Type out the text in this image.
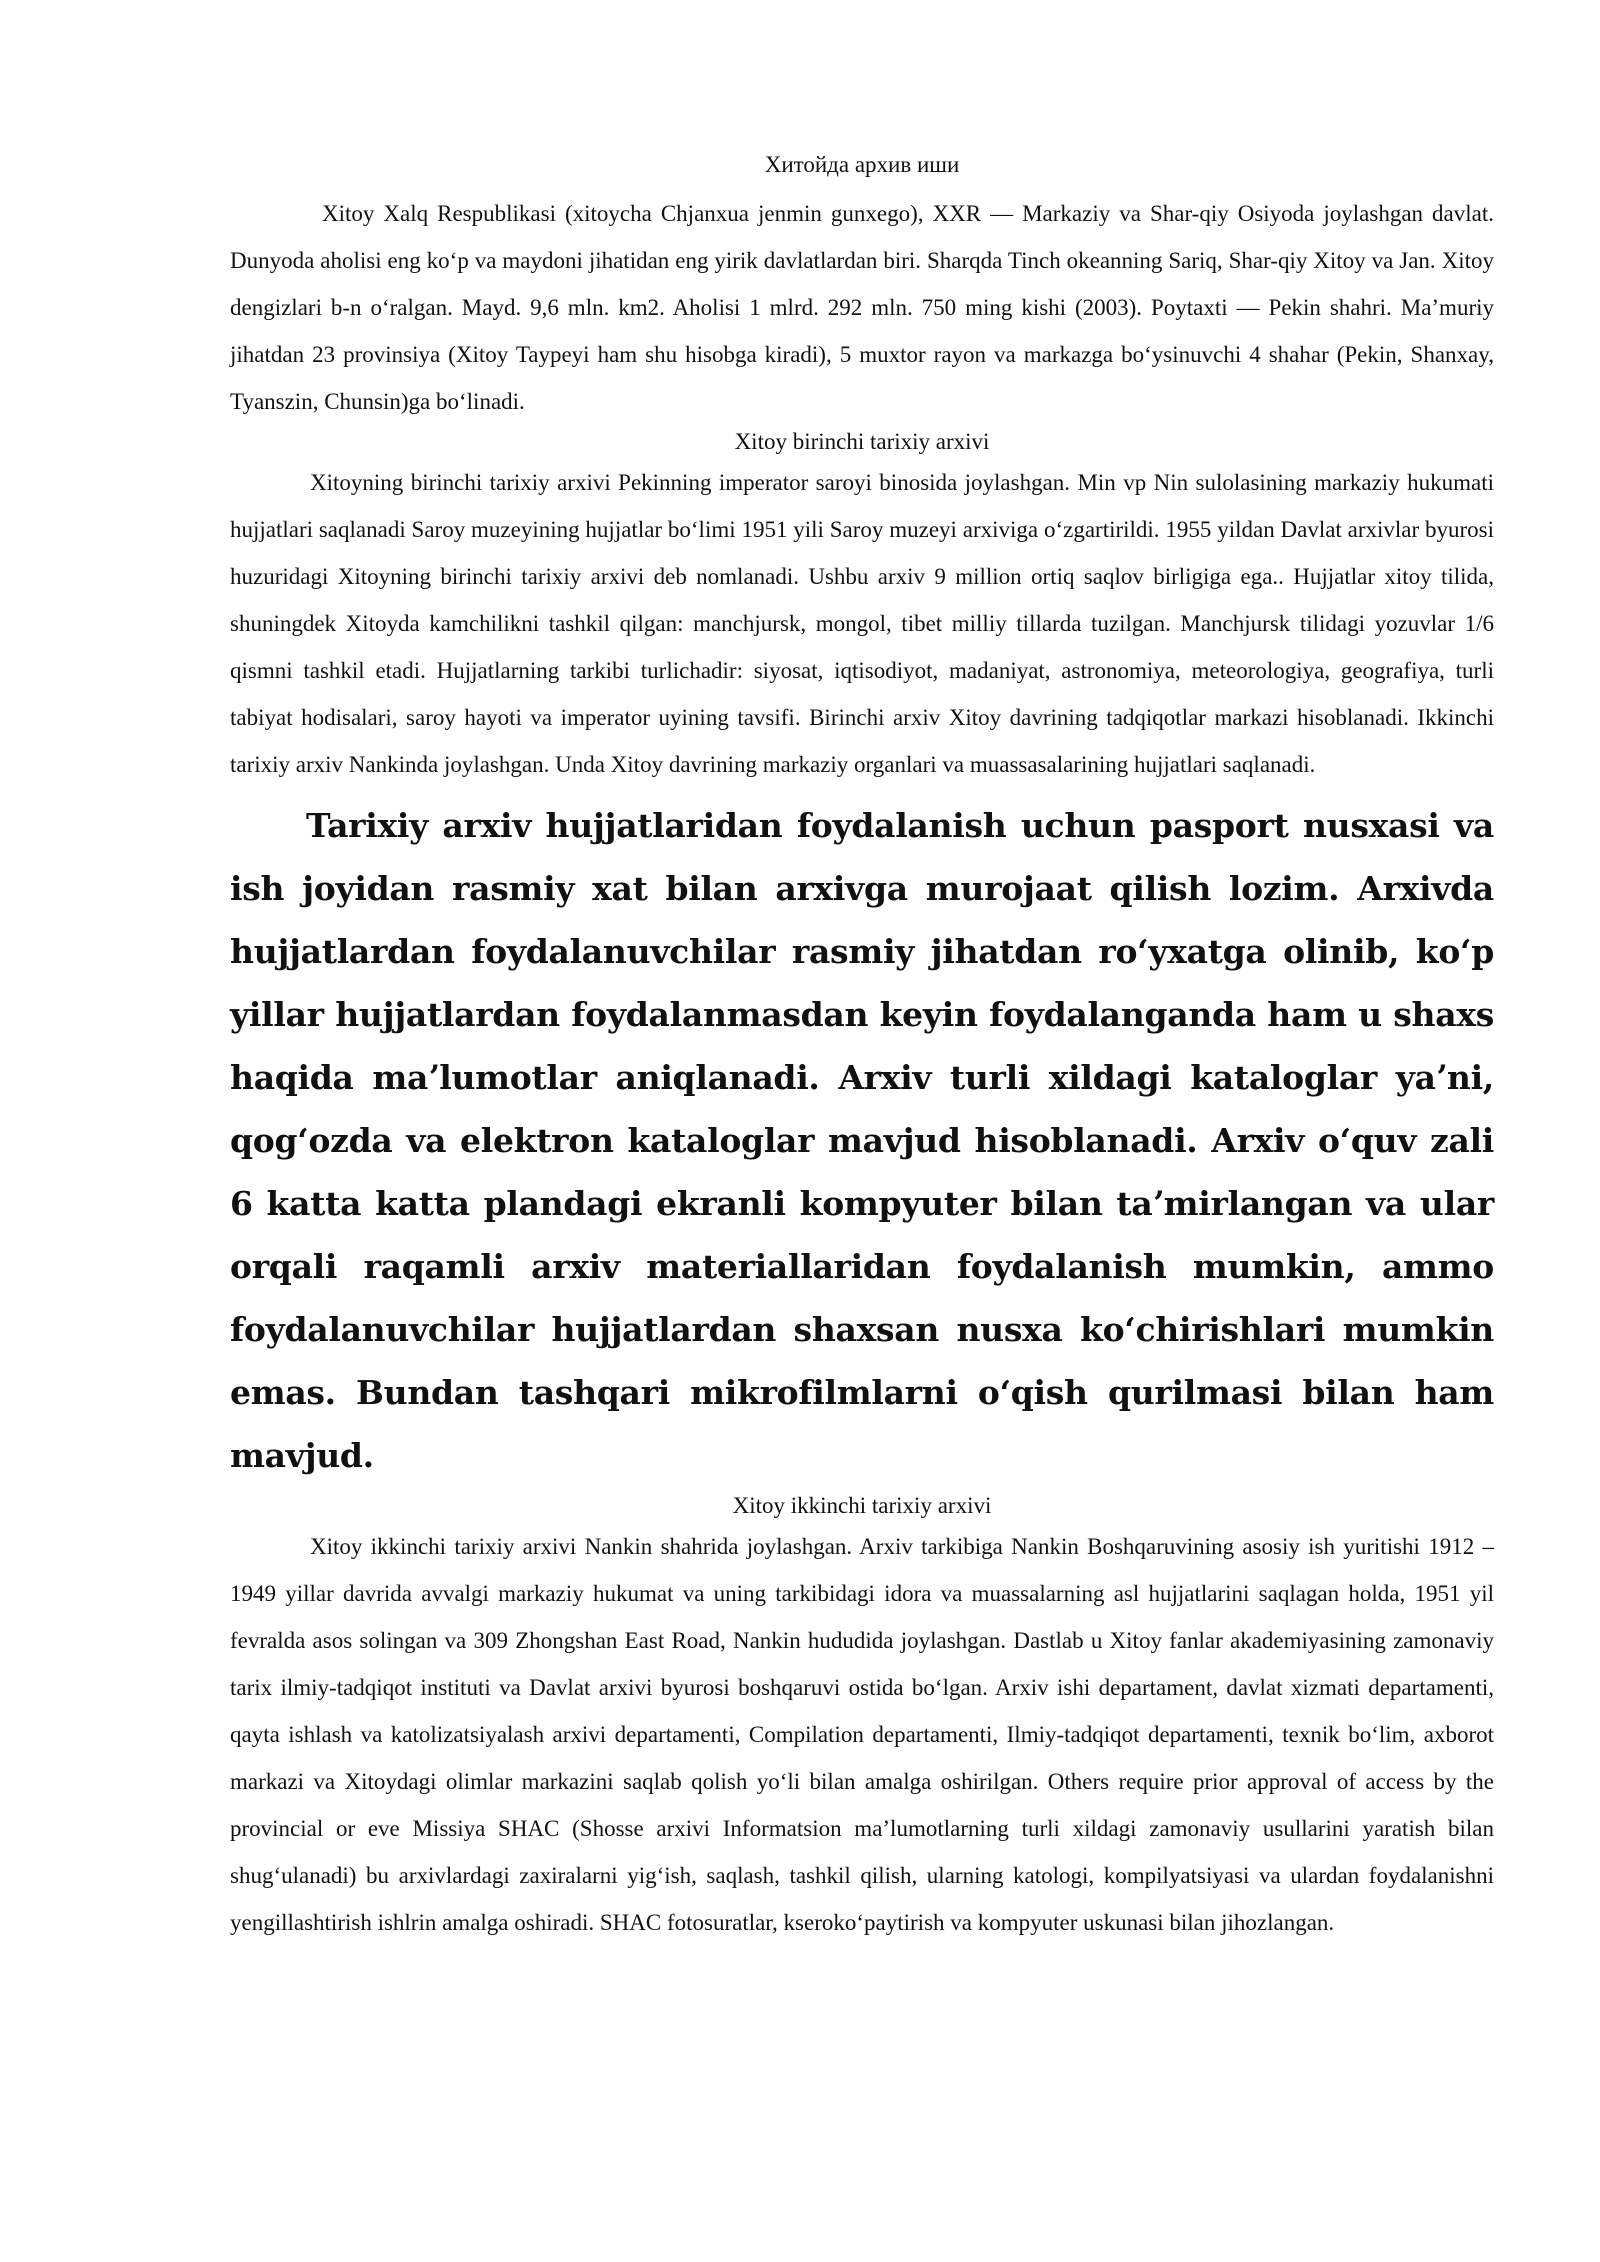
Хитойда архив иши

Xitoy Xalq Respublikasi (xitoycha Chjanxua jenmin gunxego), XXR — Markaziy va Shar-qiy Osiyoda joylashgan davlat. Dunyoda aholisi eng koʻp va maydoni jihatidan eng yirik davlatlardan biri. Sharqda Tinch okeanning Sariq, Shar-qiy Xitoy va Jan. Xitoy dengizlari b-n oʻralgan. Mayd. 9,6 mln. km2. Aholisi 1 mlrd. 292 mln. 750 ming kishi (2003). Poytaxti — Pekin shahri. Maʼmuriy jihatdan 23 provinsiya (Xitoy Taypeyi ham shu hisobga kiradi), 5 muxtor rayon va markazga boʻysinuvchi 4 shahar (Pekin, Shanxay, Tyanszin, Chunsin)ga boʻlinadi.

Xitoy birinchi tarixiy arxivi

Xitoyning birinchi tarixiy arxivi Pekinning imperator saroyi binosida joylashgan. Min vp Nin sulolasining markaziy hukumati hujjatlari saqlanadi Saroy muzeyining hujjatlar boʻlimi 1951 yili Saroy muzeyi arxiviga oʻzgartirildi. 1955 yildan Davlat arxivlar byurosi huzuridagi Xitoyning birinchi tarixiy arxivi deb nomlanadi. Ushbu arxiv 9 million ortiq saqlov birligiga ega.. Hujjatlar xitoy tilida, shuningdek Xitoyda kamchilikni tashkil qilgan: manchjursk, mongol, tibet milliy tillarda tuzilgan. Manchjursk tilidagi yozuvlar 1/6 qismni tashkil etadi. Hujjatlarning tarkibi turlichadir: siyosat, iqtisodiyot, madaniyat, astronomiya, meteorologiya, geografiya, turli tabiyat hodisalari, saroy hayoti va imperator uyining tavsifi. Birinchi arxiv Xitoy davrining tadqiqotlar markazi hisoblanadi. Ikkinchi tarixiy arxiv Nankinda joylashgan. Unda Xitoy davrining markaziy organlari va muassasalarining hujjatlari saqlanadi.

Tarixiy arxiv hujjatlaridan foydalanish uchun pasport nusxasi va ish joyidan rasmiy xat bilan arxivga murojaat qilish lozim. Arxivda hujjatlardan foydalanuvchilar rasmiy jihatdan roʻyxatga olinib, koʻp yillar hujjatlardan foydalanmasdan keyin foydalanganda ham u shaxs haqida maʼlumotlar aniqlanadi. Arxiv turli xildagi kataloglar yaʼni, qogʻozda va elektron kataloglar mavjud hisoblanadi. Arxiv oʻquv zali 6 katta katta plandagi ekranli kompyuter bilan taʼmirlangan va ular orqali raqamli arxiv materiallaridan foydalanish mumkin, ammo foydalanuvchilar hujjatlardan shaxsan nusxa koʻchirishlari mumkin emas. Bundan tashqari mikrofilmlarni oʻqish qurilmasi bilan ham mavjud.

Xitoy ikkinchi tarixiy arxivi

Xitoy ikkinchi tarixiy arxivi Nankin shahrida joylashgan. Arxiv tarkibiga Nankin Boshqaruvining asosiy ish yuritishi 1912 – 1949 yillar davrida avvalgi markaziy hukumat va uning tarkibidagi idora va muassalarning asl hujjatlarini saqlagan holda, 1951 yil fevralda asos solingan va 309 Zhongshan East Road, Nankin hududida joylashgan. Dastlab u Xitoy fanlar akademiyasining zamonaviy tarix ilmiy-tadqiqot instituti va Davlat arxivi byurosi boshqaruvi ostida boʻlgan. Arxiv ishi departament, davlat xizmati departamenti, qayta ishlash va katolizatsiyalash arxivi departamenti, Compilation departamenti, Ilmiy-tadqiqot departamenti, texnik boʻlim, axborot markazi va Xitoydagi olimlar markazini saqlab qolish yoʻli bilan amalga oshirilgan. Others require prior approval of access by the provincial or eve Missiya SHAC (Shosse arxivi Informatsion maʼlumotlarning turli xildagi zamonaviy usullarini yaratish bilan shugʻulanadi) bu arxivlardagi zaxiralarni yigʻish, saqlash, tashkil qilish, ularning katologi, kompilyatsiyasi va ulardan foydalanishni yengillashtirish ishlrin amalga oshiradi. SHAC fotosuratlar, kserokoʻpaytirish va kompyuter uskunasi bilan jihozlangan.
